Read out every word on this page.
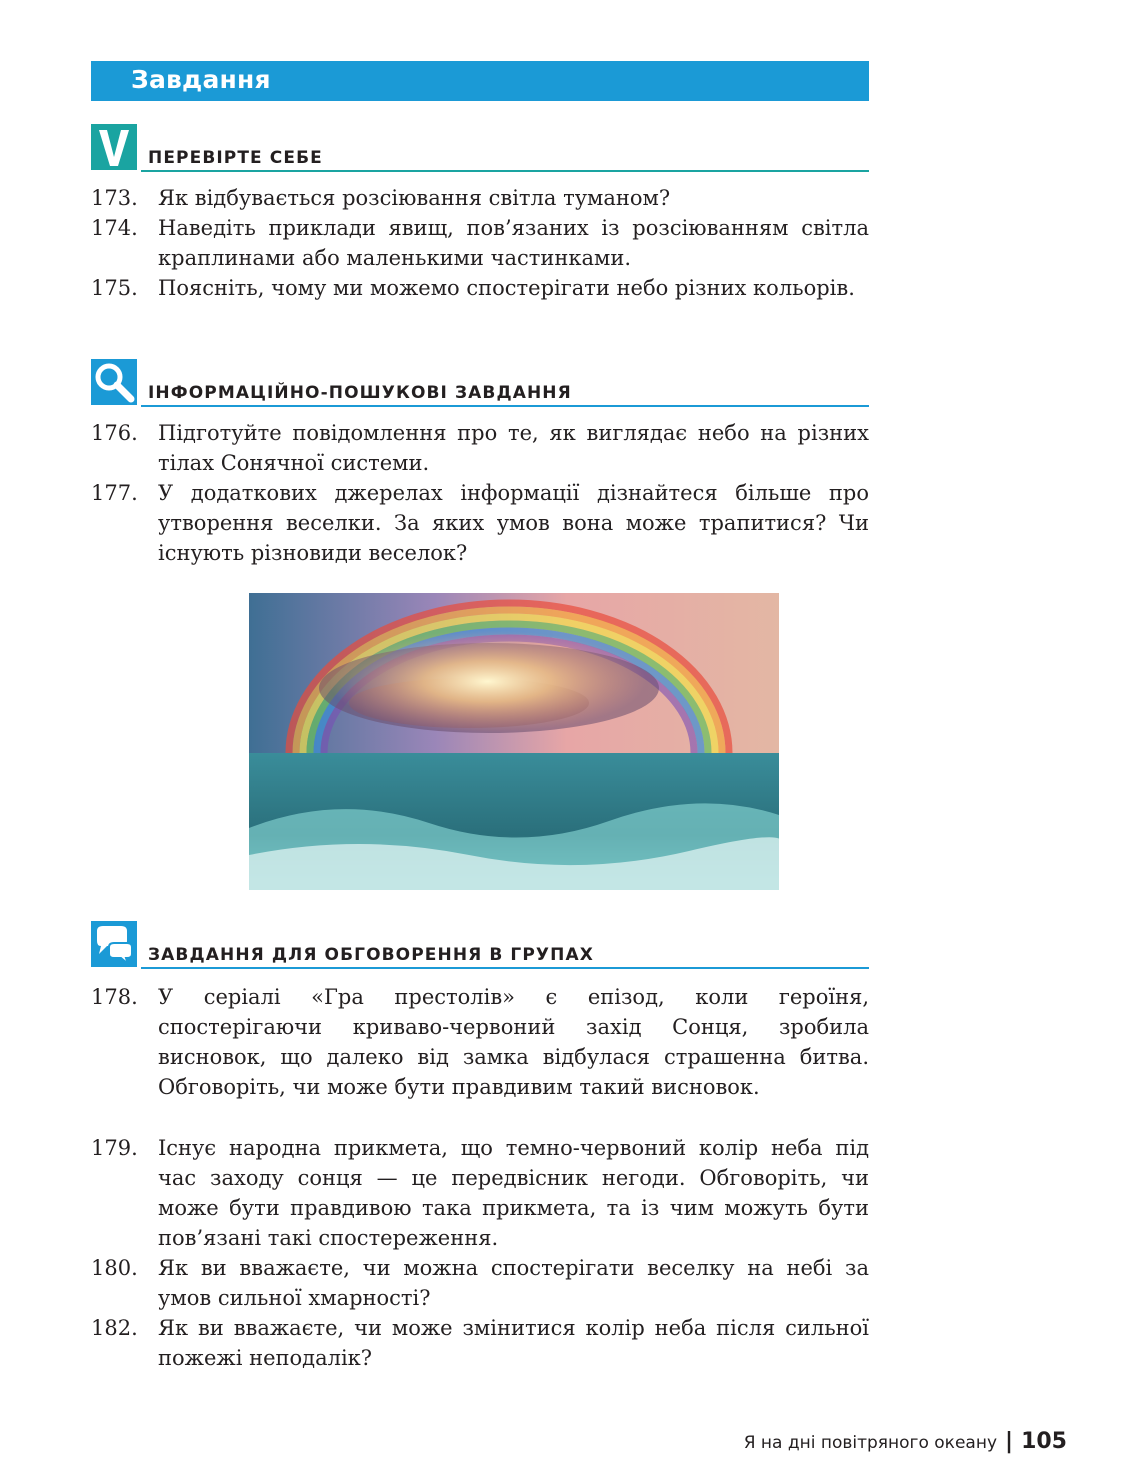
Завдання
ПЕРЕВІРТЕ СЕБЕ
173. Як відбувається розсіювання світла туманом?
174. Наведіть приклади явищ, пов’язаних із розсіюванням світла краплинами або маленькими частинками.
175. Поясніть, чому ми можемо спостерігати небо різних кольорів.
ІНФОРМАЦІЙНО-ПОШУКОВІ ЗАВДАННЯ
176. Підготуйте повідомлення про те, як виглядає небо на різних тілах Сонячної системи.
177. У додаткових джерелах інформації дізнайтеся більше про утворення веселки. За яких умов вона може трапитися? Чи існують різновиди веселок?
ЗАВДАННЯ ДЛЯ ОБГОВОРЕННЯ В ГРУПАХ
178. У серіалі «Гра престолів» є епізод, коли героїня, спостерігаючи криваво-червоний захід Сонця, зробила висновок, що далеко від замка відбулася страшенна битва. Обговоріть, чи може бути правдивим такий висновок.
179. Існує народна прикмета, що темно-червоний колір неба під час заходу сонця — це передвісник негоди. Обговоріть, чи може бути правдивою така прикмета, та із чим можуть бути пов’язані такі спостереження.
180. Як ви вважаєте, чи можна спостерігати веселку на небі за умов сильної хмарності?
182. Як ви вважаєте, чи може змінитися колір неба після сильної пожежі неподалік?
Я на дні повітряного океану | 105
